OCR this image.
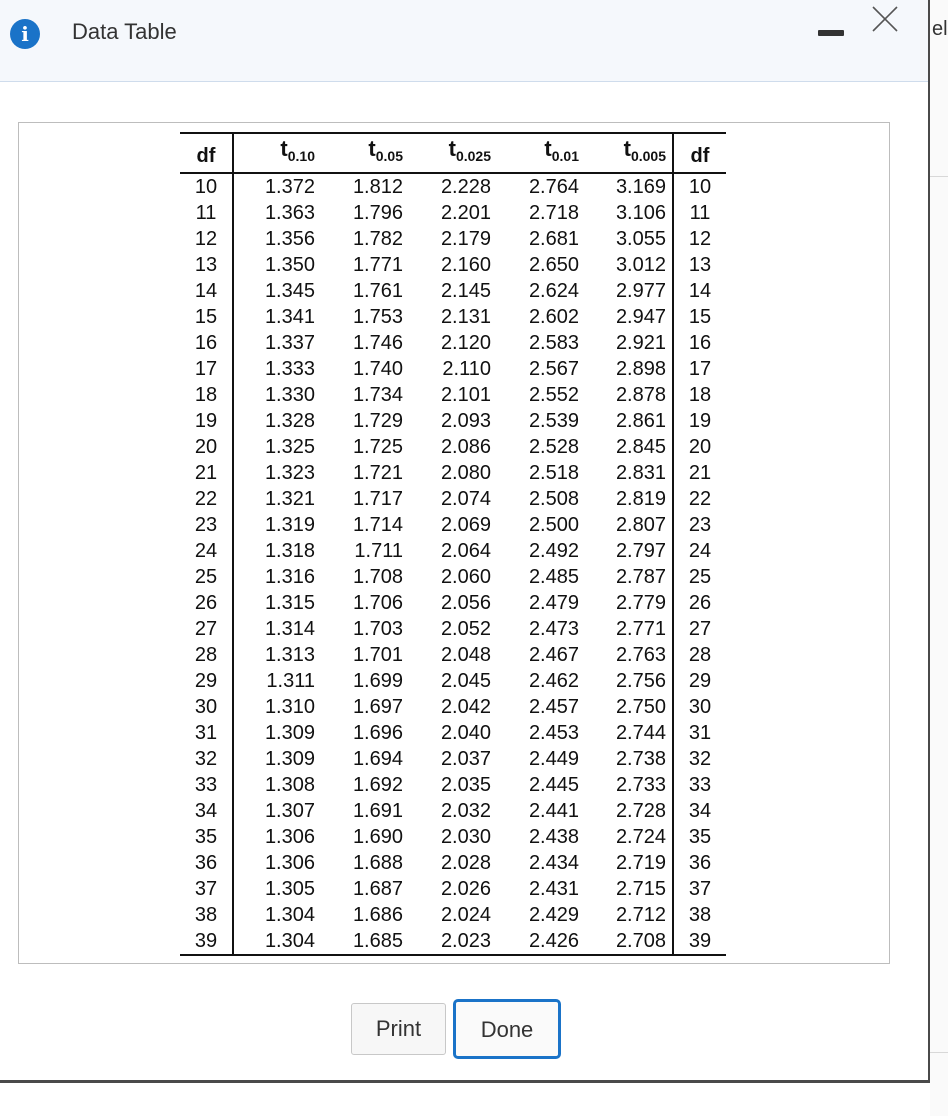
el
i	Data Table
df	$t_{0.10}$	$t_{0.05}$	$t_{0.025}$	$t_{0.01}$	$t_{0.005}$	df
10	1.372	1.812	2.228	2.764	3.169	10
11	1.363	1.796	2.201	2.718	3.106	11
12	1.356	1.782	2.179	2.681	3.055	12
13	1.350	1.771	2.160	2.650	3.012	13
14	1.345	1.761	2.145	2.624	2.977	14
15	1.341	1.753	2.131	2.602	2.947	15
16	1.337	1.746	2.120	2.583	2.921	16
17	1.333	1.740	2.110	2.567	2.898	17
18	1.330	1.734	2.101	2.552	2.878	18
19	1.328	1.729	2.093	2.539	2.861	19
20	1.325	1.725	2.086	2.528	2.845	20
21	1.323	1.721	2.080	2.518	2.831	21
22	1.321	1.717	2.074	2.508	2.819	22
23	1.319	1.714	2.069	2.500	2.807	23
24	1.318	1.711	2.064	2.492	2.797	24
25	1.316	1.708	2.060	2.485	2.787	25
26	1.315	1.706	2.056	2.479	2.779	26
27	1.314	1.703	2.052	2.473	2.771	27
28	1.313	1.701	2.048	2.467	2.763	28
29	1.311	1.699	2.045	2.462	2.756	29
30	1.310	1.697	2.042	2.457	2.750	30
31	1.309	1.696	2.040	2.453	2.744	31
32	1.309	1.694	2.037	2.449	2.738	32
33	1.308	1.692	2.035	2.445	2.733	33
34	1.307	1.691	2.032	2.441	2.728	34
35	1.306	1.690	2.030	2.438	2.724	35
36	1.306	1.688	2.028	2.434	2.719	36
37	1.305	1.687	2.026	2.431	2.715	37
38	1.304	1.686	2.024	2.429	2.712	38
39	1.304	1.685	2.023	2.426	2.708	39
Print	Done
